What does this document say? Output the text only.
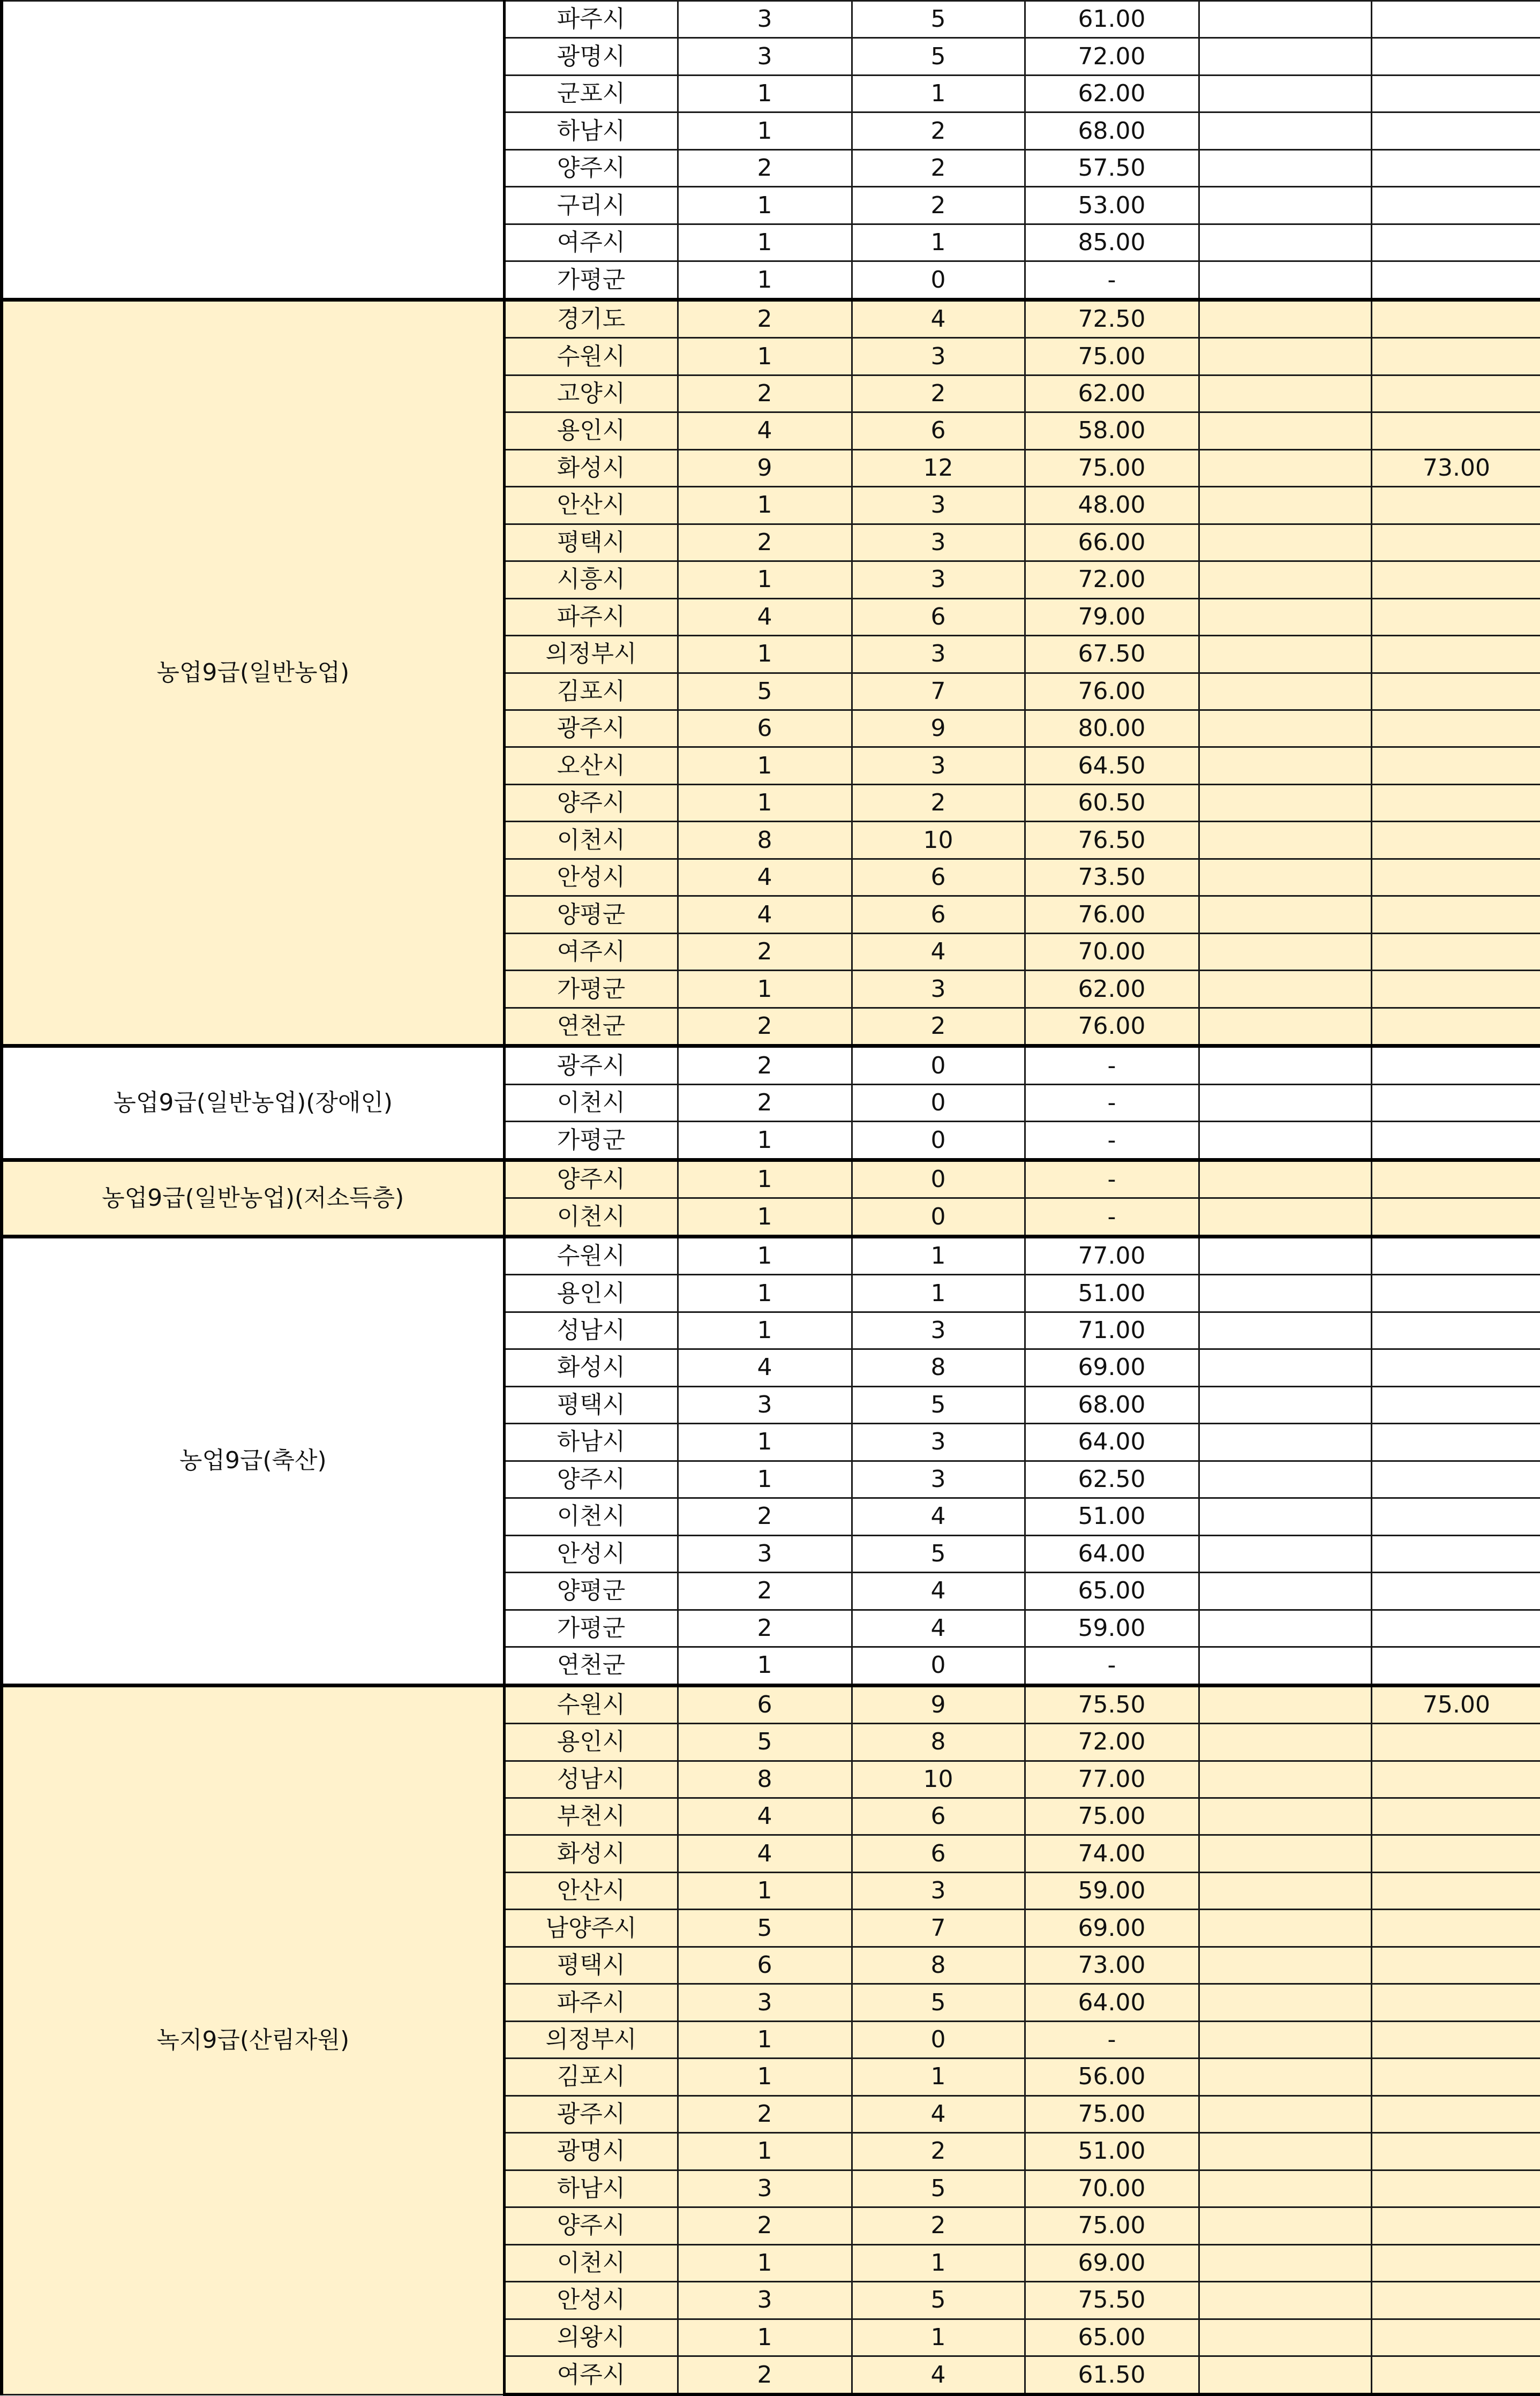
	파주시	3	5	61.00		
	광명시	3	5	72.00		
	군포시	1	1	62.00		
	하남시	1	2	68.00		
	양주시	2	2	57.50		
	구리시	1	2	53.00		
	여주시	1	1	85.00		
	가평군	1	0	-		
농업9급(일반농업)	경기도	2	4	72.50		
	수원시	1	3	75.00		
	고양시	2	2	62.00		
	용인시	4	6	58.00		
	화성시	9	12	75.00		73.00
	안산시	1	3	48.00		
	평택시	2	3	66.00		
	시흥시	1	3	72.00		
	파주시	4	6	79.00		
	의정부시	1	3	67.50		
	김포시	5	7	76.00		
	광주시	6	9	80.00		
	오산시	1	3	64.50		
	양주시	1	2	60.50		
	이천시	8	10	76.50		
	안성시	4	6	73.50		
	양평군	4	6	76.00		
	여주시	2	4	70.00		
	가평군	1	3	62.00		
	연천군	2	2	76.00		
농업9급(일반농업)(장애인)	광주시	2	0	-		
	이천시	2	0	-		
	가평군	1	0	-		
농업9급(일반농업)(저소득층)	양주시	1	0	-		
	이천시	1	0	-		
농업9급(축산)	수원시	1	1	77.00		
	용인시	1	1	51.00		
	성남시	1	3	71.00		
	화성시	4	8	69.00		
	평택시	3	5	68.00		
	하남시	1	3	64.00		
	양주시	1	3	62.50		
	이천시	2	4	51.00		
	안성시	3	5	64.00		
	양평군	2	4	65.00		
	가평군	2	4	59.00		
	연천군	1	0	-		
녹지9급(산림자원)	수원시	6	9	75.50		75.00
	용인시	5	8	72.00		
	성남시	8	10	77.00		
	부천시	4	6	75.00		
	화성시	4	6	74.00		
	안산시	1	3	59.00		
	남양주시	5	7	69.00		
	평택시	6	8	73.00		
	파주시	3	5	64.00		
	의정부시	1	0	-		
	김포시	1	1	56.00		
	광주시	2	4	75.00		
	광명시	1	2	51.00		
	하남시	3	5	70.00		
	양주시	2	2	75.00		
	이천시	1	1	69.00		
	안성시	3	5	75.50		
	의왕시	1	1	65.00		
	여주시	2	4	61.50		
